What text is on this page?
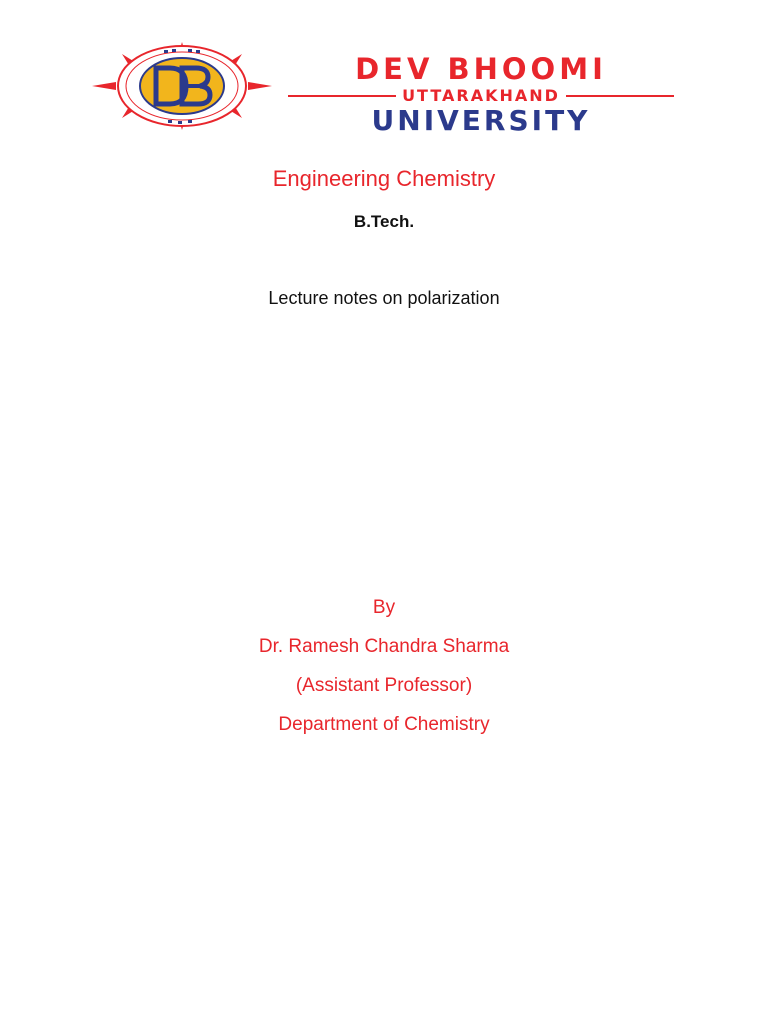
DEV BHOOMI
UTTARAKHAND
UNIVERSITY
Engineering Chemistry
B.Tech.
Lecture notes on polarization
By
Dr. Ramesh Chandra Sharma
(Assistant Professor)
Department of Chemistry
